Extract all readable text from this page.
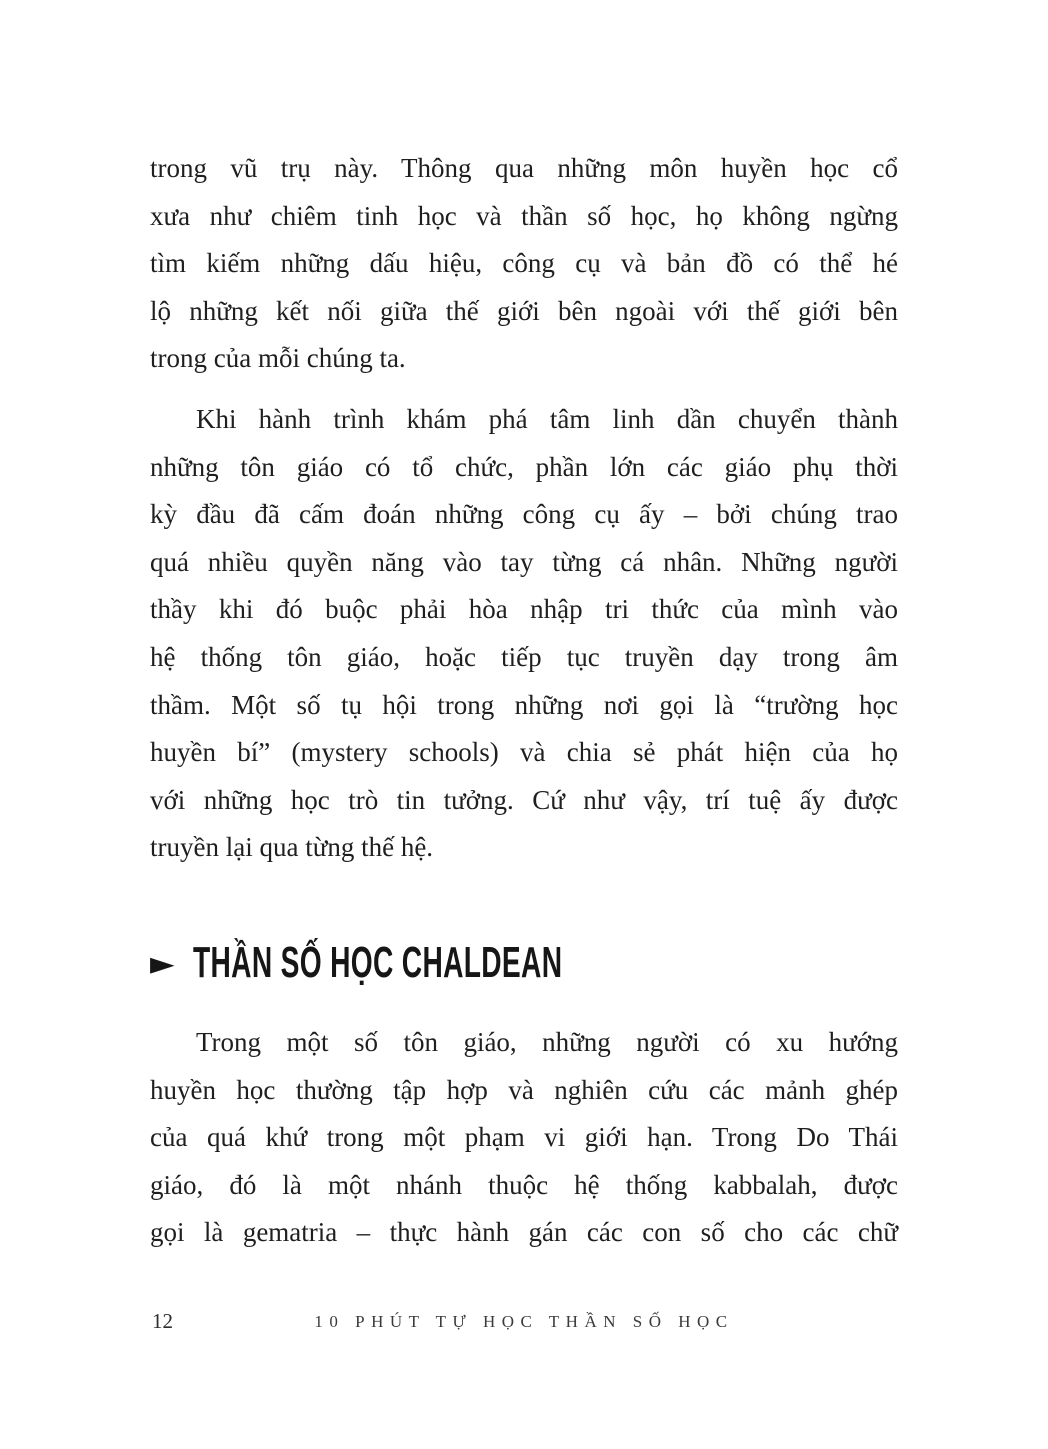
trong vũ trụ này. Thông qua những môn huyền học cổ
xưa như chiêm tinh học và thần số học, họ không ngừng
tìm kiếm những dấu hiệu, công cụ và bản đồ có thể hé
lộ những kết nối giữa thế giới bên ngoài với thế giới bên
trong của mỗi chúng ta.
Khi hành trình khám phá tâm linh dần chuyển thành
những tôn giáo có tổ chức, phần lớn các giáo phụ thời
kỳ đầu đã cấm đoán những công cụ ấy – bởi chúng trao
quá nhiều quyền năng vào tay từng cá nhân. Những người
thầy khi đó buộc phải hòa nhập tri thức của mình vào
hệ thống tôn giáo, hoặc tiếp tục truyền dạy trong âm
thầm. Một số tụ hội trong những nơi gọi là “trường học
huyền bí” (mystery schools) và chia sẻ phát hiện của họ
với những học trò tin tưởng. Cứ như vậy, trí tuệ ấy được
truyền lại qua từng thế hệ.
► THẦN SỐ HỌC CHALDEAN
Trong một số tôn giáo, những người có xu hướng
huyền học thường tập hợp và nghiên cứu các mảnh ghép
của quá khứ trong một phạm vi giới hạn. Trong Do Thái
giáo, đó là một nhánh thuộc hệ thống kabbalah, được
gọi là gematria – thực hành gán các con số cho các chữ
12	10 PHÚT TỰ HỌC THẦN SỐ HỌC
